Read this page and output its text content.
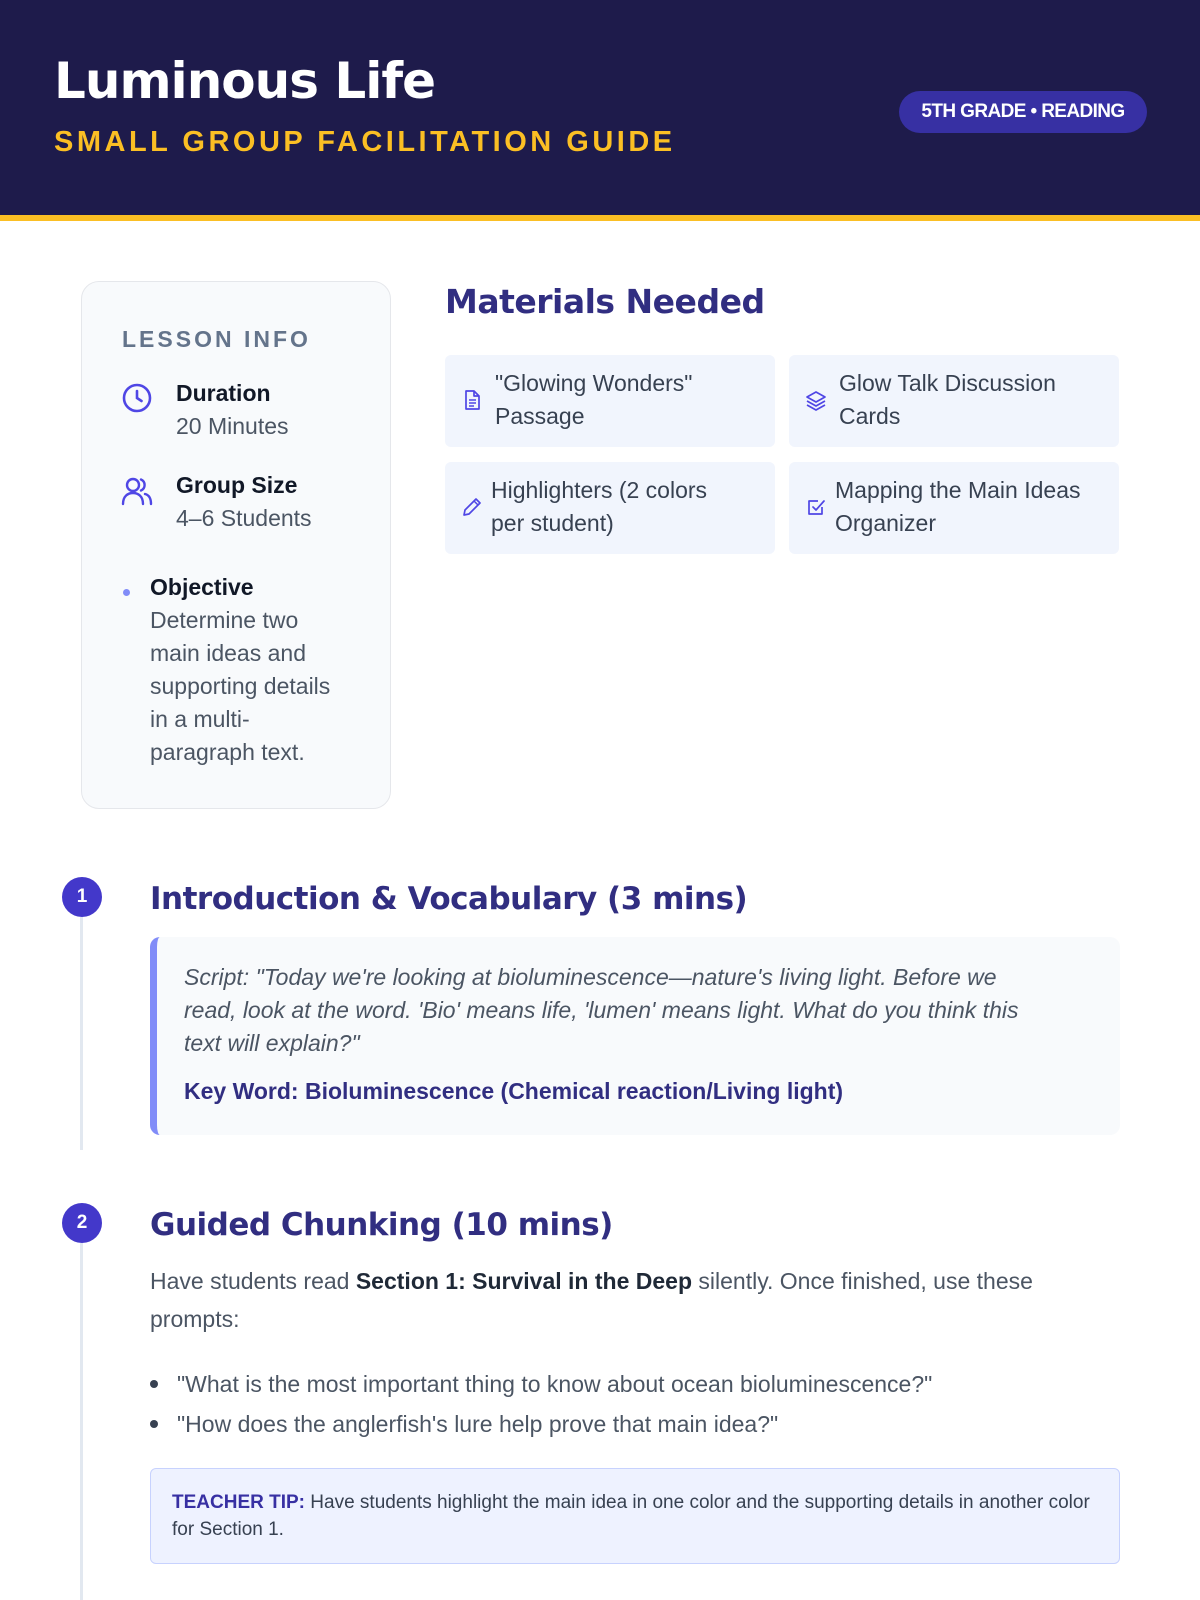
Luminous Life
SMALL GROUP FACILITATION GUIDE
5TH GRADE • READING
LESSON INFO
Duration
20 Minutes
Group Size
4–6 Students
Objective
Determine two
main ideas and
supporting details
in a multi-
paragraph text.
Materials Needed
"Glowing Wonders"
Passage
Glow Talk Discussion
Cards
Highlighters (2 colors
per student)
Mapping the Main Ideas
Organizer
1	Introduction & Vocabulary (3 mins)
Script: "Today we're looking at bioluminescence—nature's living light. Before we
read, look at the word. 'Bio' means life, 'lumen' means light. What do you think this
text will explain?"
Key Word: Bioluminescence (Chemical reaction/Living light)
2	Guided Chunking (10 mins)
Have students read Section 1: Survival in the Deep silently. Once finished, use these prompts:
"What is the most important thing to know about ocean bioluminescence?"
"How does the anglerfish's lure help prove that main idea?"
TEACHER TIP: Have students highlight the main idea in one color and the supporting details in another color for Section 1.
